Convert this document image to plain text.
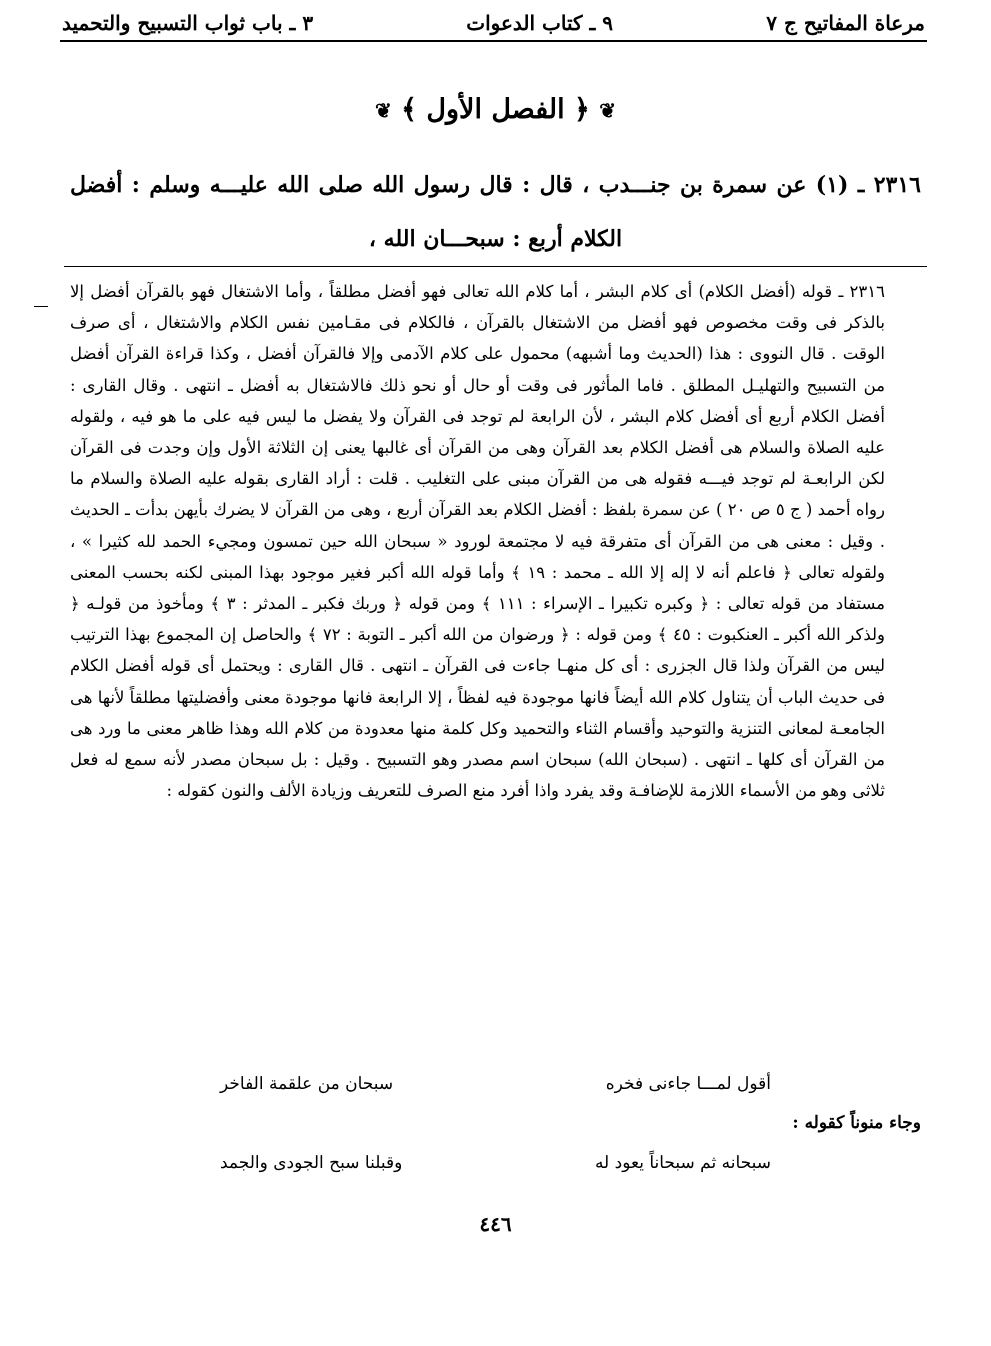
مرعاة المفاتيح ج ٧
٩ ـ كتاب الدعوات
٣ ـ باب ثواب التسبيح والتحميد
❦ ﴿ الفصل الأول ﴾ ❦
٢٣١٦ ـ (١) عن سمرة بن جنـــدب ، قال : قال رسول الله صلى الله عليـــه وسلم : أفضل الكلام أربع : سبحـــان الله ،

٢٣١٦ ـ قوله (أفضل الكلام) أى كلام البشر ، أما كلام الله تعالى فهو أفضل مطلقاً ، وأما الاشتغال فهو بالقرآن أفضل إلا بالذكر فى وقت مخصوص فهو أفضل من الاشتغال بالقرآن ، فالكلام فى مقـامين نفس الكلام والاشتغال ، أى صرف الوقت . قال النووى : هذا (الحديث وما أشبهه) محمول على كلام الآدمى وإلا فالقرآن أفضل ، وكذا قراءة القرآن أفضل من التسبيح والتهليـل المطلق . فاما المأثور فى وقت أو حال أو نحو ذلك فالاشتغال به أفضل ـ انتهى . وقال القارى : أفضل الكلام أربع أى أفضل كلام البشر ، لأن الرابعة لم توجد فى القرآن ولا يفضل ما ليس فيه على ما هو فيه ، ولقوله عليه الصلاة والسلام هى أفضل الكلام بعد القرآن وهى من القرآن أى غالبها يعنى إن الثلاثة الأول وإن وجدت فى القرآن لكن الرابعـة لم توجد فيـــه فقوله هى من القرآن مبنى على التغليب . قلت : أراد القارى بقوله عليه الصلاة والسلام ما رواه أحمد ( ج ٥ ص ٢٠ ) عن سمرة بلفظ : أفضل الكلام بعد القرآن أربع ، وهى من القرآن لا يضرك بأيهن بدأت ـ الحديث . وقيل : معنى هى من القرآن أى متفرقة فيه لا مجتمعة لورود « سبحان الله حين تمسون ومجيء الحمد لله كثيرا » ، ولقوله تعالى ﴿ فاعلم أنه لا إله إلا الله ـ محمد : ١٩ ﴾ وأما قوله الله أكبر فغير موجود بهذا المبنى لكنه بحسب المعنى مستفاد من قوله تعالى : ﴿ وكبره تكبيرا ـ الإسراء : ١١١ ﴾ ومن قوله ﴿ وربك فكبر ـ المدثر : ٣ ﴾ ومأخوذ من قولـه ﴿ ولذكر الله أكبر ـ العنكبوت : ٤٥ ﴾ ومن قوله : ﴿ ورضوان من الله أكبر ـ التوبة : ٧٢ ﴾ والحاصل إن المجموع بهذا الترتيب ليس من القرآن ولذا قال الجزرى : أى كل منهـا جاءت فى القرآن ـ انتهى . قال القارى : ويحتمل أى قوله أفضل الكلام فى حديث الباب أن يتناول كلام الله أيضاً فانها موجودة فيه لفظاً ، إلا الرابعة فانها موجودة معنى وأفضليتها مطلقاً لأنها هى الجامعـة لمعانى التنزية والتوحيد وأقسام الثناء والتحميد وكل كلمة منها معدودة من كلام الله وهذا ظاهر معنى ما ورد هى من القرآن أى كلها ـ انتهى . (سبحان الله) سبحان اسم مصدر وهو التسبيح . وقيل : بل سبحان مصدر لأنه سمع له فعل ثلاثى وهو من الأسماء اللازمة للإضافـة وقد يفرد واذا أفرد منع الصرف للتعريف وزيادة الألف والنون كقوله :

أقول لمـــا جاءنى فخره
سبحان من علقمة الفاخر
وجاء منوناً كقوله :
سبحانه ثم سبحاناً يعود له
وقبلنا سبح الجودى والجمد
٤٤٦
